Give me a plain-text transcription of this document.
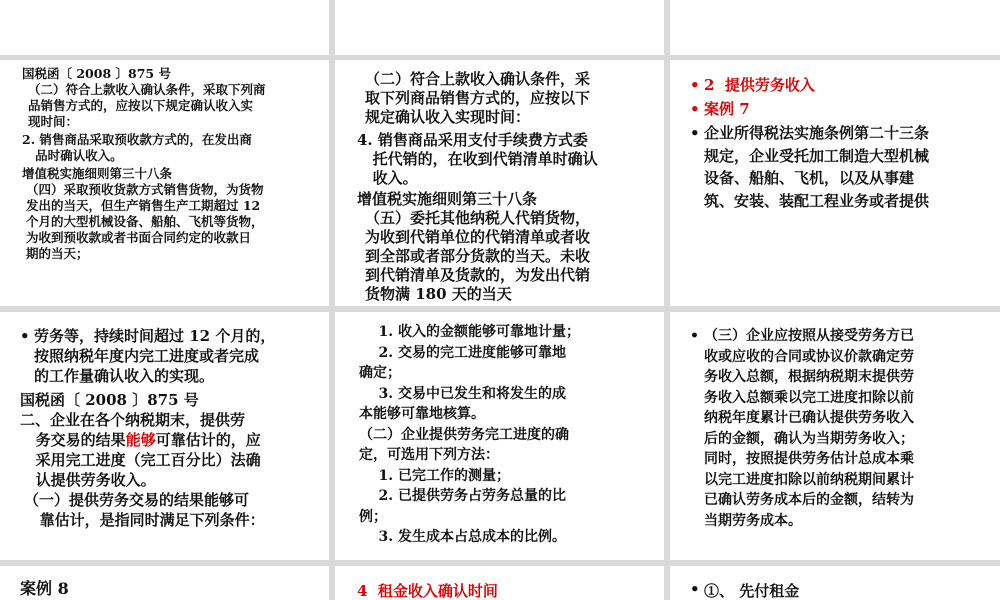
国税函〔 2008 〕875 号

（二）符合上款收入确认条件，采取下列商
品销售方式的，应按以下规定确认收入实
现时间：

2. 销售商品采取预收款方式的，在发出商
品时确认收入。

增值税实施细则第三十八条

（四）采取预收货款方式销售货物，为货物
发出的当天，但生产销售生产工期超过 12
个月的大型机械设备、船舶、飞机等货物，
为收到预收款或者书面合同约定的收款日
期的当天；

（二）符合上款收入确认条件，采
取下列商品销售方式的，应按以下
规定确认收入实现时间：

4. 销售商品采用支付手续费方式委
托代销的，在收到代销清单时确认
收入。

增值税实施细则第三十八条

（五）委托其他纳税人代销货物，
为收到代销单位的代销清单或者收
到全部或者部分货款的当天。未收
到代销清单及货款的，为发出代销
货物满 180 天的当天

• 2  提供劳务收入

• 案例 7

• 企业所得税法实施条例第二十三条
规定，企业受托加工制造大型机械
设备、船舶、飞机，以及从事建
筑、安装、装配工程业务或者提供

• 劳务等，持续时间超过 12 个月的，
按照纳税年度内完工进度或者完成
的工作量确认收入的实现。

国税函〔 2008 〕875 号

二、企业在各个纳税期末，提供劳
务交易的结果能够可靠估计的，应
采用完工进度（完工百分比）法确
认提供劳务收入。

（一）提供劳务交易的结果能够可
靠估计，是指同时满足下列条件：

1. 收入的金额能够可靠地计量；
2. 交易的完工进度能够可靠地
确定；
3. 交易中已发生和将发生的成
本能够可靠地核算。
（二）企业提供劳务完工进度的确
定，可选用下列方法：
1. 已完工作的测量；
2. 已提供劳务占劳务总量的比
例；
3. 发生成本占总成本的比例。

• （三）企业应按照从接受劳务方已
收或应收的合同或协议价款确定劳
务收入总额，根据纳税期末提供劳
务收入总额乘以完工进度扣除以前
纳税年度累计已确认提供劳务收入
后的金额，确认为当期劳务收入；
同时，按照提供劳务估计总成本乘
以完工进度扣除以前纳税期间累计
已确认劳务成本后的金额，结转为
当期劳务成本。

案例 8	4  租金收入确认时间

•	①、 先付租金
